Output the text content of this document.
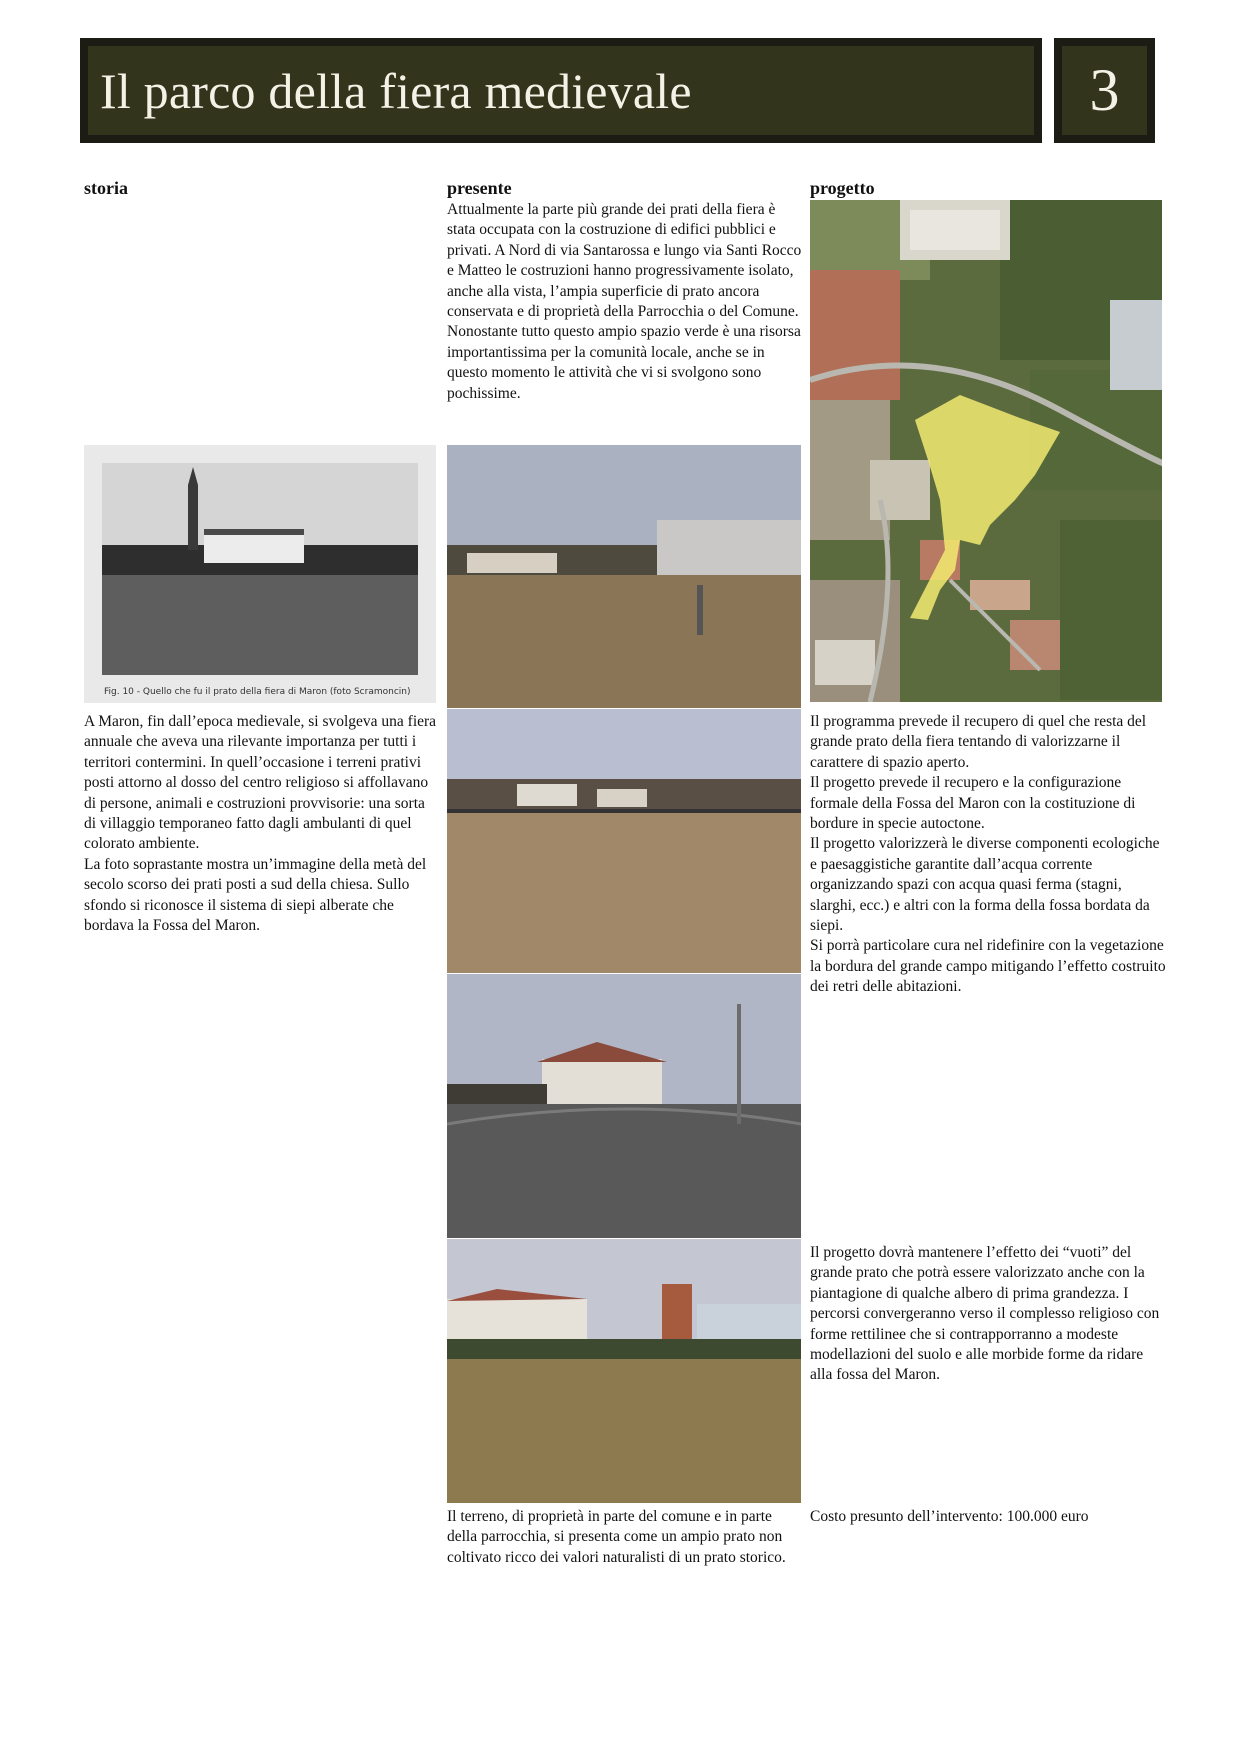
Il parco della fiera medievale	3
storia	presente	progetto

Attualmente la parte più grande dei prati della fiera è stata occupata con la costruzione di edifici pubblici e privati. A Nord di via Santarossa e lungo via Santi Rocco e Matteo le costruzioni hanno progressivamente isolato, anche alla vista, l’ampia superficie di prato ancora conservata e di proprietà della Parrocchia o del Comune.

Nonostante tutto questo ampio spazio verde è una risorsa importantissima per la comunità locale, anche se in questo momento le attività che vi si svolgono sono pochissime.

Fig. 10 - Quello che fu il prato della fiera di Maron (foto Scramoncin)

A Maron, fin dall’epoca medievale, si svolgeva una fiera annuale che aveva una rilevante importanza per tutti i territori contermini. In quell’occasione i terreni prativi posti attorno al dosso del centro religioso si affollavano di persone, animali e costruzioni provvisorie: una sorta di villaggio temporaneo fatto dagli ambulanti di quel colorato ambiente.

La foto soprastante mostra un’immagine della metà del secolo scorso dei prati posti a sud della chiesa. Sullo sfondo si riconosce il sistema di siepi alberate che bordava la Fossa del Maron.

Il terreno, di proprietà in parte del comune e in parte della parrocchia, si presenta come un ampio prato non coltivato ricco dei valori naturalisti di un prato storico.

Il programma prevede il recupero di quel che resta del grande prato della fiera tentando di valorizzarne il carattere di spazio aperto.

Il progetto prevede il recupero e la configurazione formale della Fossa del Maron con la costituzione di bordure in specie autoctone.

Il progetto valorizzerà le diverse componenti ecologiche e paesaggistiche garantite dall’acqua corrente organizzando spazi con acqua quasi ferma (stagni, slarghi, ecc.) e altri con la forma della fossa bordata da siepi.

Si porrà particolare cura nel ridefinire con la vegetazione la bordura del grande campo mitigando l’effetto costruito dei retri delle abitazioni.

Il progetto dovrà mantenere l’effetto dei “vuoti” del grande prato che potrà essere valorizzato anche con la piantagione di qualche albero di prima grandezza. I percorsi convergeranno verso il complesso religioso con forme rettilinee che si contrapporranno a modeste modellazioni del suolo e alle morbide forme da ridare alla fossa del Maron.
Costo presunto dell’intervento: 100.000 euro
